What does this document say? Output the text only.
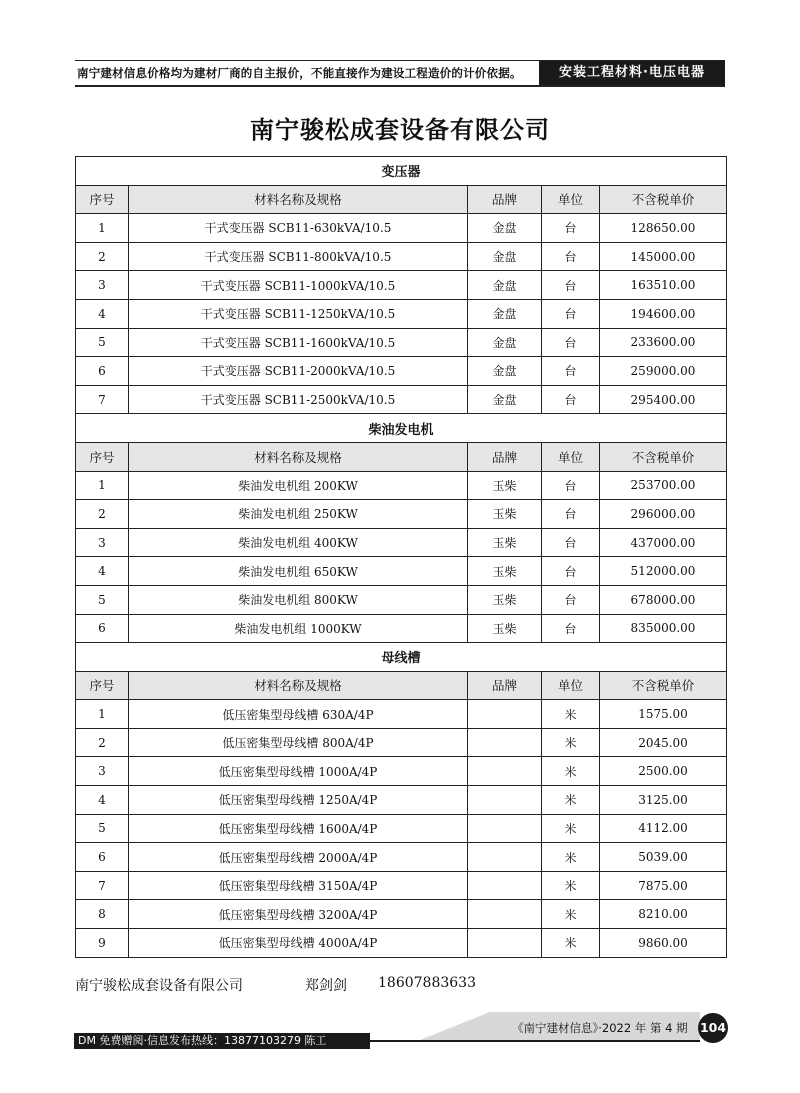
南宁建材信息价格均为建材厂商的自主报价，不能直接作为建设工程造价的计价依据。	安装工程材料·电压电器
南宁骏松成套设备有限公司
变压器				
序号	材料名称及规格	品牌	单位	不含税单价
1	干式变压器 SCB11-630kVA/10.5	金盘	台	128650.00
2	干式变压器 SCB11-800kVA/10.5	金盘	台	145000.00
3	干式变压器 SCB11-1000kVA/10.5	金盘	台	163510.00
4	干式变压器 SCB11-1250kVA/10.5	金盘	台	194600.00
5	干式变压器 SCB11-1600kVA/10.5	金盘	台	233600.00
6	干式变压器 SCB11-2000kVA/10.5	金盘	台	259000.00
7	干式变压器 SCB11-2500kVA/10.5	金盘	台	295400.00
柴油发电机				
序号	材料名称及规格	品牌	单位	不含税单价
1	柴油发电机组 200KW	玉柴	台	253700.00
2	柴油发电机组 250KW	玉柴	台	296000.00
3	柴油发电机组 400KW	玉柴	台	437000.00
4	柴油发电机组 650KW	玉柴	台	512000.00
5	柴油发电机组 800KW	玉柴	台	678000.00
6	柴油发电机组 1000KW	玉柴	台	835000.00
母线槽				
序号	材料名称及规格	品牌	单位	不含税单价
1	低压密集型母线槽 630A/4P		米	1575.00
2	低压密集型母线槽 800A/4P		米	2045.00
3	低压密集型母线槽 1000A/4P		米	2500.00
4	低压密集型母线槽 1250A/4P		米	3125.00
5	低压密集型母线槽 1600A/4P		米	4112.00
6	低压密集型母线槽 2000A/4P		米	5039.00
7	低压密集型母线槽 3150A/4P		米	7875.00
8	低压密集型母线槽 3200A/4P		米	8210.00
9	低压密集型母线槽 4000A/4P		米	9860.00
南宁骏松成套设备有限公司	郑剑剑 18607883633
DM 免费赠阅·信息发布热线：13877103279 陈工
《南宁建材信息》·2022 年 第 4 期 104
